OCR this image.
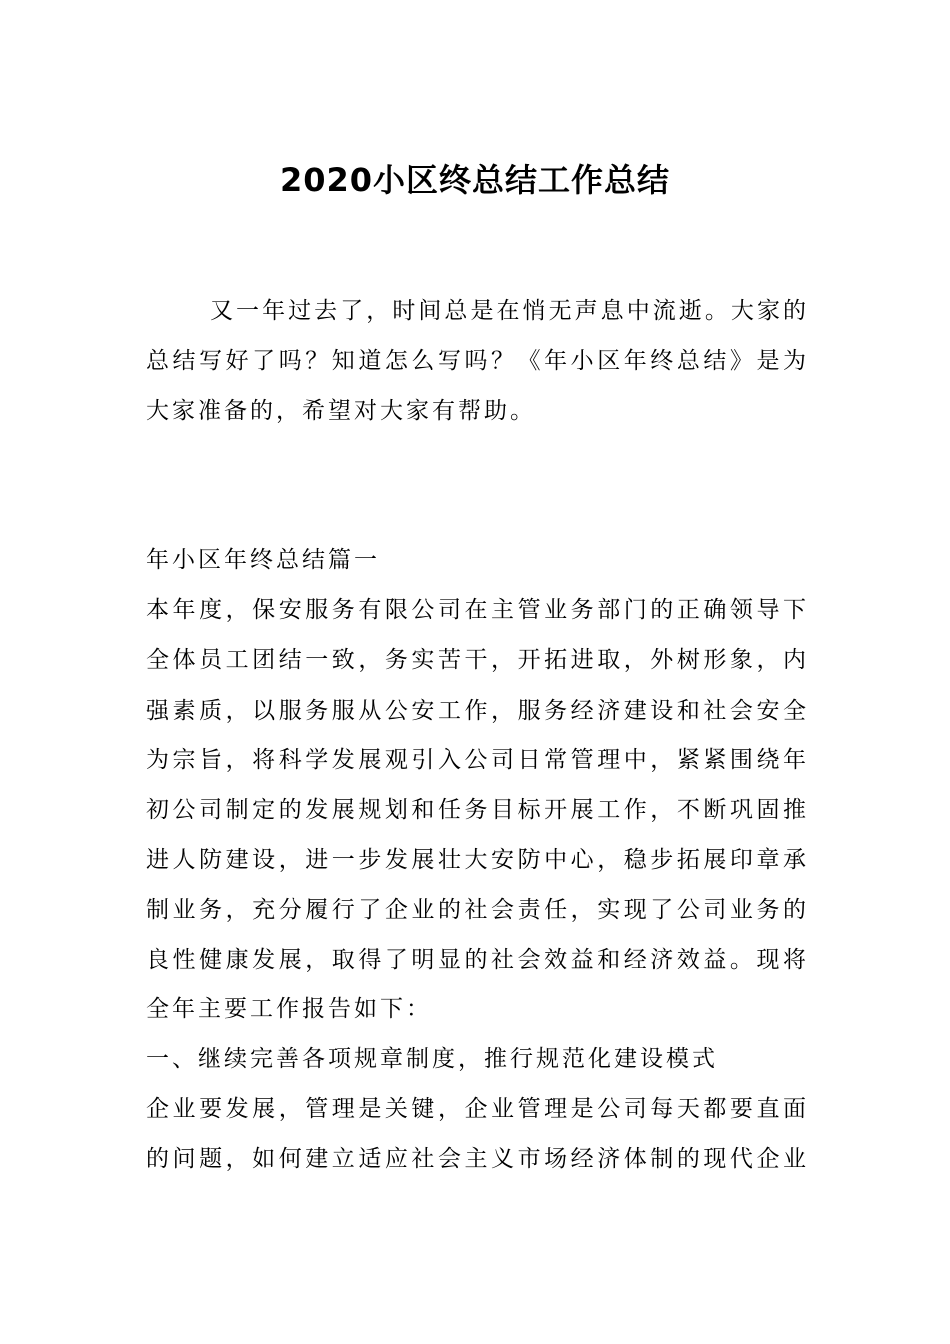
2020小区终总结工作总结
又一年过去了，时间总是在悄无声息中流逝。大家的
总结写好了吗？知道怎么写吗？《年小区年终总结》是为
大家准备的，希望对大家有帮助。
年小区年终总结篇一
本年度，保安服务有限公司在主管业务部门的正确领导下
全体员工团结一致，务实苦干，开拓进取，外树形象，内
强素质，以服务服从公安工作，服务经济建设和社会安全
为宗旨，将科学发展观引入公司日常管理中，紧紧围绕年
初公司制定的发展规划和任务目标开展工作，不断巩固推
进人防建设，进一步发展壮大安防中心，稳步拓展印章承
制业务，充分履行了企业的社会责任，实现了公司业务的
良性健康发展，取得了明显的社会效益和经济效益。现将
全年主要工作报告如下：
一、继续完善各项规章制度，推行规范化建设模式
企业要发展，管理是关键，企业管理是公司每天都要直面
的问题，如何建立适应社会主义市场经济体制的现代企业
